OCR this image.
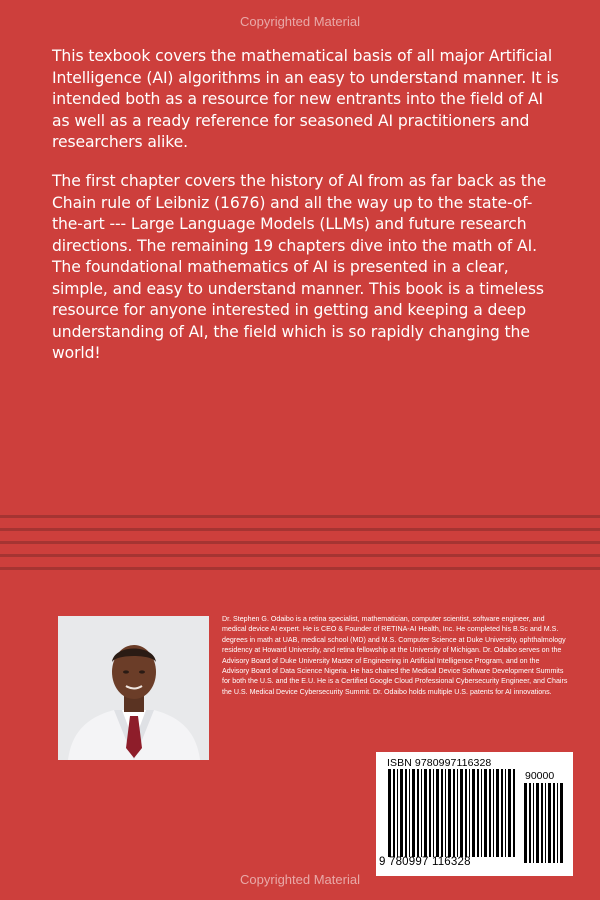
Copyrighted Material

This texbook covers the mathematical basis of all major Artificial Intelligence (AI) algorithms in an easy to understand manner. It is intended both as a resource for new entrants into the field of AI as well as a ready reference for seasoned AI practitioners and researchers alike.

The first chapter covers the history of AI from as far back as the Chain rule of Leibniz (1676) and all the way up to the state-of-the-art --- Large Language Models (LLMs) and future research directions. The remaining 19 chapters dive into the math of AI. The foundational mathematics of AI is presented in a clear, simple, and easy to understand manner. This book is a timeless resource for anyone interested in getting and keeping a deep understanding of AI, the field which is so rapidly changing the world!

Dr. Stephen G. Odaibo is a retina specialist, mathematician, computer scientist, software engineer, and medical device AI expert. He is CEO & Founder of RETINA-AI Health, Inc. He completed his B.Sc and M.S. degrees in math at UAB, medical school (MD) and M.S. Computer Science at Duke University, ophthalmology residency at Howard University, and retina fellowship at the University of Michigan. Dr. Odaibo serves on the Advisory Board of Duke University Master of Engineering in Artificial Intelligence Program, and on the Advisory Board of Data Science Nigeria. He has chaired the Medical Device Software Development Summits for both the U.S. and the E.U. He is a Certified Google Cloud Professional Cybersecurity Engineer, and Chairs the U.S. Medical Device Cybersecurity Summit. Dr. Odaibo holds multiple U.S. patents for AI innovations.
ISBN 9780997116328
90000
9 780997 116328
Copyrighted Material
